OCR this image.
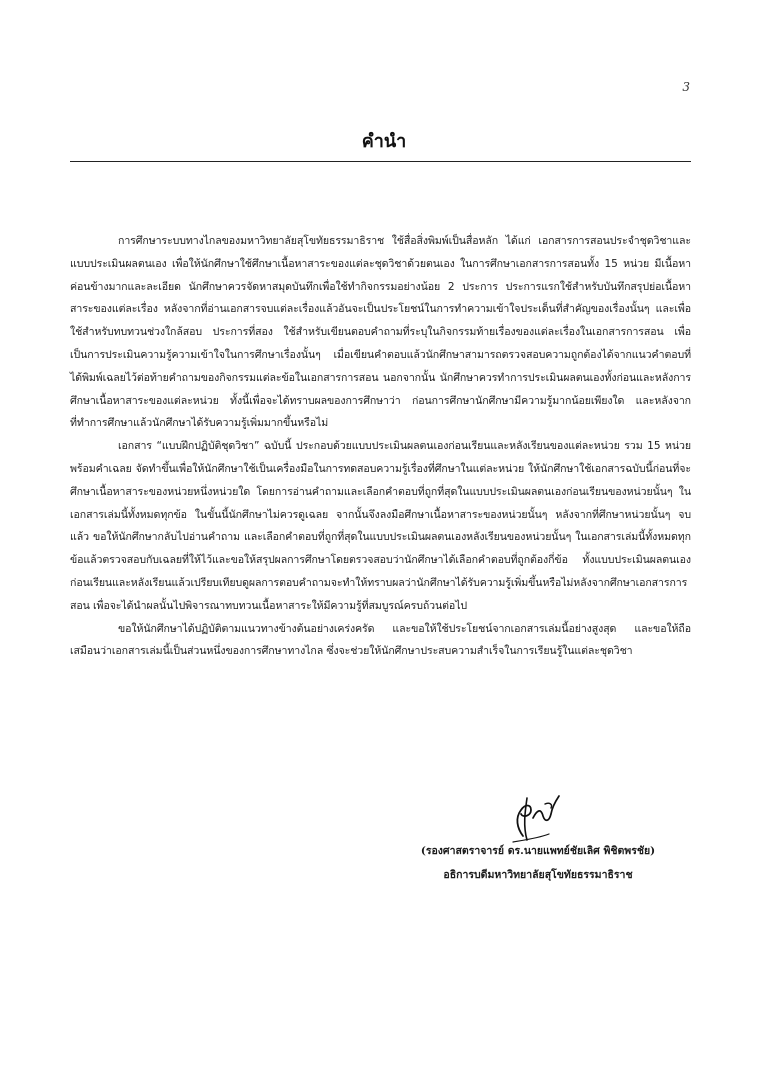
3
คำนำ

การศึกษาระบบทางไกลของมหาวิทยาลัยสุโขทัยธรรมาธิราช ใช้สื่อสิ่งพิมพ์เป็นสื่อหลัก ได้แก่ เอกสารการสอนประจำชุดวิชาและแบบประเมินผลตนเอง เพื่อให้นักศึกษาใช้ศึกษาเนื้อหาสาระของแต่ละชุดวิชาด้วยตนเอง ในการศึกษาเอกสารการสอนทั้ง 15 หน่วย มีเนื้อหาค่อนข้างมากและละเอียด นักศึกษาควรจัดหาสมุดบันทึกเพื่อใช้ทำกิจกรรมอย่างน้อย 2 ประการ ประการแรกใช้สำหรับบันทึกสรุปย่อเนื้อหาสาระของแต่ละเรื่อง หลังจากที่อ่านเอกสารจบแต่ละเรื่องแล้วอันจะเป็นประโยชน์ในการทำความเข้าใจประเด็นที่สำคัญของเรื่องนั้นๆ และเพื่อใช้สำหรับทบทวนช่วงใกล้สอบ ประการที่สอง ใช้สำหรับเขียนตอบคำถามที่ระบุในกิจกรรมท้ายเรื่องของแต่ละเรื่องในเอกสารการสอน เพื่อเป็นการประเมินความรู้ความเข้าใจในการศึกษาเรื่องนั้นๆ เมื่อเขียนคำตอบแล้วนักศึกษาสามารถตรวจสอบความถูกต้องได้จากแนวคำตอบที่ได้พิมพ์เฉลยไว้ต่อท้ายคำถามของกิจกรรมแต่ละข้อในเอกสารการสอน นอกจากนั้น นักศึกษาควรทำการประเมินผลตนเองทั้งก่อนและหลังการศึกษาเนื้อหาสาระของแต่ละหน่วย ทั้งนี้เพื่อจะได้ทราบผลของการศึกษาว่า ก่อนการศึกษานักศึกษามีความรู้มากน้อยเพียงใด และหลังจากที่ทำการศึกษาแล้วนักศึกษาได้รับความรู้เพิ่มมากขึ้นหรือไม่

เอกสาร “แบบฝึกปฏิบัติชุดวิชา” ฉบับนี้ ประกอบด้วยแบบประเมินผลตนเองก่อนเรียนและหลังเรียนของแต่ละหน่วย รวม 15 หน่วย พร้อมคำเฉลย จัดทำขึ้นเพื่อให้นักศึกษาใช้เป็นเครื่องมือในการทดสอบความรู้เรื่องที่ศึกษาในแต่ละหน่วย ให้นักศึกษาใช้เอกสารฉบับนี้ก่อนที่จะศึกษาเนื้อหาสาระของหน่วยหนึ่งหน่วยใด โดยการอ่านคำถามและเลือกคำตอบที่ถูกที่สุดในแบบประเมินผลตนเองก่อนเรียนของหน่วยนั้นๆ ในเอกสารเล่มนี้ทั้งหมดทุกข้อ ในขั้นนี้นักศึกษาไม่ควรดูเฉลย จากนั้นจึงลงมือศึกษาเนื้อหาสาระของหน่วยนั้นๆ หลังจากที่ศึกษาหน่วยนั้นๆ จบแล้ว ขอให้นักศึกษากลับไปอ่านคำถาม และเลือกคำตอบที่ถูกที่สุดในแบบประเมินผลตนเองหลังเรียนของหน่วยนั้นๆ ในเอกสารเล่มนี้ทั้งหมดทุกข้อแล้วตรวจสอบกับเฉลยที่ให้ไว้และขอให้สรุปผลการศึกษาโดยตรวจสอบว่านักศึกษาได้เลือกคำตอบที่ถูกต้องกี่ข้อ ทั้งแบบประเมินผลตนเองก่อนเรียนและหลังเรียนแล้วเปรียบเทียบดูผลการตอบคำถามจะทำให้ทราบผลว่านักศึกษาได้รับความรู้เพิ่มขึ้นหรือไม่หลังจากศึกษาเอกสารการสอน เพื่อจะได้นำผลนั้นไปพิจารณาทบทวนเนื้อหาสาระให้มีความรู้ที่สมบูรณ์ครบถ้วนต่อไป

ขอให้นักศึกษาได้ปฏิบัติตามแนวทางข้างต้นอย่างเคร่งครัด และขอให้ใช้ประโยชน์จากเอกสารเล่มนี้อย่างสูงสุด และขอให้ถือเสมือนว่าเอกสารเล่มนี้เป็นส่วนหนึ่งของการศึกษาทางไกล ซึ่งจะช่วยให้นักศึกษาประสบความสำเร็จในการเรียนรู้ในแต่ละชุดวิชา

(รองศาสตราจารย์ ดร.นายแพทย์ชัยเลิศ พิชิตพรชัย)
อธิการบดีมหาวิทยาลัยสุโขทัยธรรมาธิราช
